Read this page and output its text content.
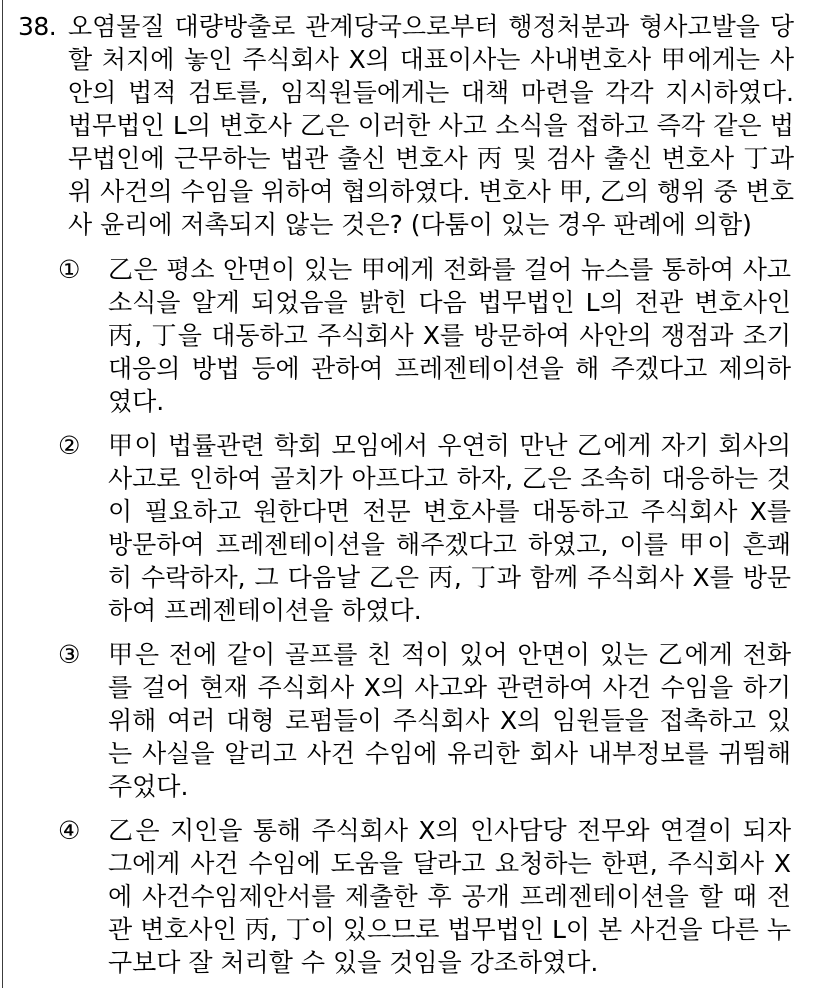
38. 오염물질 대량방출로 관계당국으로부터 행정처분과 형사고발을 당할 처지에 놓인 주식회사 X의 대표이사는 사내변호사 甲에게는 사안의 법적 검토를, 임직원들에게는 대책 마련을 각각 지시하였다. 법무법인 L의 변호사 乙은 이러한 사고 소식을 접하고 즉각 같은 법무법인에 근무하는 법관 출신 변호사 丙 및 검사 출신 변호사 丁과 위 사건의 수임을 위하여 협의하였다. 변호사 甲, 乙의 행위 중 변호사 윤리에 저촉되지 않는 것은? (다툼이 있는 경우 판례에 의함)

①	乙은 평소 안면이 있는 甲에게 전화를 걸어 뉴스를 통하여 사고 소식을 알게 되었음을 밝힌 다음 법무법인 L의 전관 변호사인 丙, 丁을 대동하고 주식회사 X를 방문하여 사안의 쟁점과 조기 대응의 방법 등에 관하여 프레젠테이션을 해 주겠다고 제의하였다.

②	甲이 법률관련 학회 모임에서 우연히 만난 乙에게 자기 회사의 사고로 인하여 골치가 아프다고 하자, 乙은 조속히 대응하는 것이 필요하고 원한다면 전문 변호사를 대동하고 주식회사 X를 방문하여 프레젠테이션을 해주겠다고 하였고, 이를 甲이 흔쾌히 수락하자, 그 다음날 乙은 丙, 丁과 함께 주식회사 X를 방문하여 프레젠테이션을 하였다.

③	甲은 전에 같이 골프를 친 적이 있어 안면이 있는 乙에게 전화를 걸어 현재 주식회사 X의 사고와 관련하여 사건 수임을 하기 위해 여러 대형 로펌들이 주식회사 X의 임원들을 접촉하고 있는 사실을 알리고 사건 수임에 유리한 회사 내부정보를 귀띔해주었다.

④	乙은 지인을 통해 주식회사 X의 인사담당 전무와 연결이 되자 그에게 사건 수임에 도움을 달라고 요청하는 한편, 주식회사 X에 사건수임제안서를 제출한 후 공개 프레젠테이션을 할 때 전관 변호사인 丙, 丁이 있으므로 법무법인 L이 본 사건을 다른 누구보다 잘 처리할 수 있을 것임을 강조하였다.
